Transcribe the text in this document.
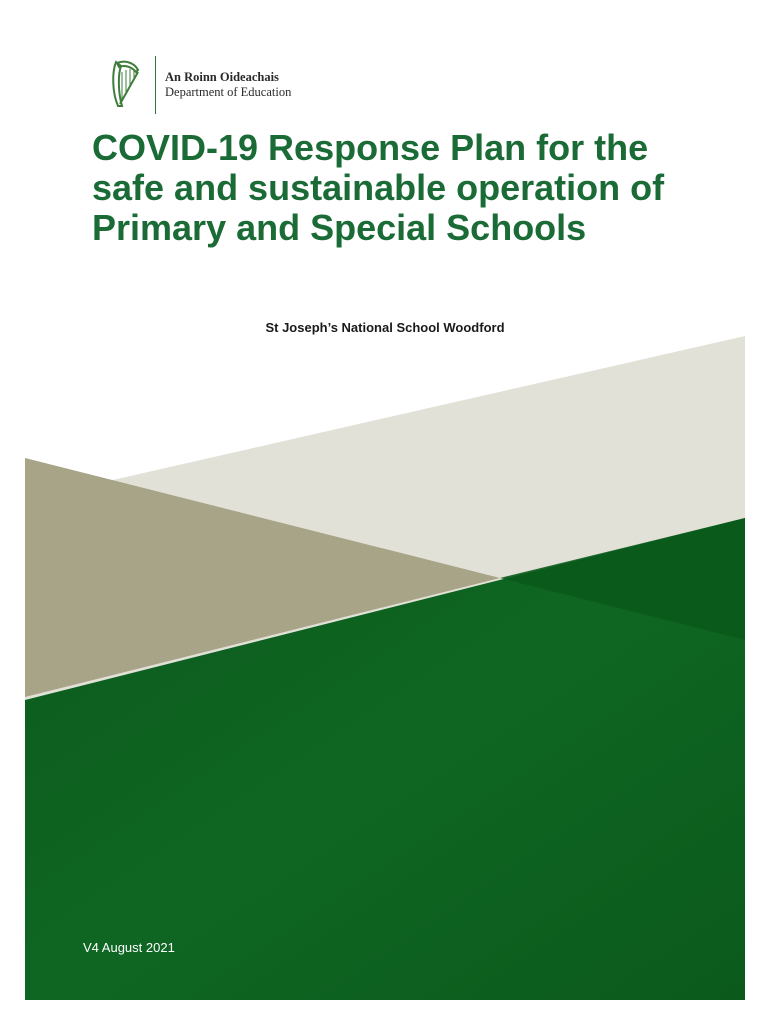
An Roinn Oideachais
Department of Education
COVID-19 Response Plan for the safe and sustainable operation of Primary and Special Schools
St Joseph’s National School Woodford
V4 August 2021
